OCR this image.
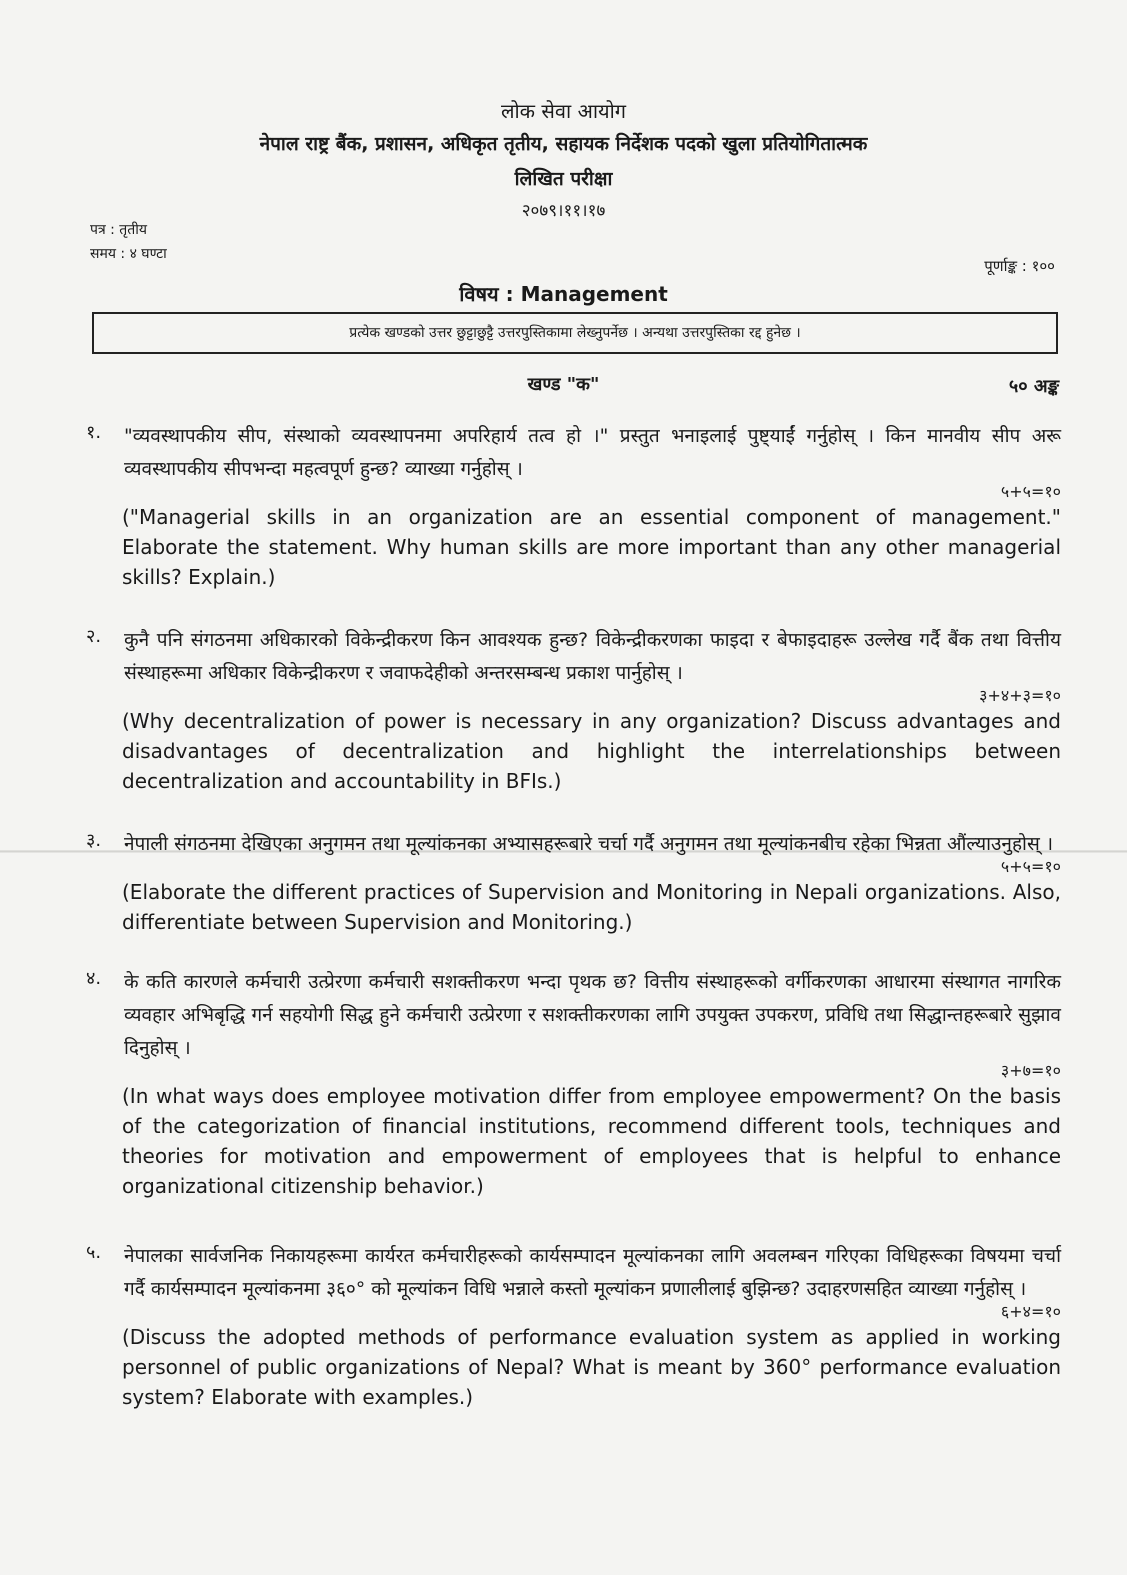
लोक सेवा आयोग
नेपाल राष्ट्र बैंक, प्रशासन, अधिकृत तृतीय, सहायक निर्देशक पदको खुला प्रतियोगितात्मक
लिखित परीक्षा
२०७९।११।१७
पत्र : तृतीय
समय : ४ घण्टा
पूर्णाङ्क : १००
विषय : Management
प्रत्येक खण्डको उत्तर छुट्टाछुट्टै उत्तरपुस्तिकामा लेख्नुपर्नेछ । अन्यथा उत्तरपुस्तिका रद्द हुनेछ ।
खण्ड "क"	५० अङ्क
१. "व्यवस्थापकीय सीप, संस्थाको व्यवस्थापनमा अपरिहार्य तत्व हो ।" प्रस्तुत भनाइलाई पुष्ट्याईं गर्नुहोस् । किन मानवीय सीप अरू व्यवस्थापकीय सीपभन्दा महत्वपूर्ण हुन्छ? व्याख्या गर्नुहोस् ।
५+५=१०
("Managerial skills in an organization are an essential component of management." Elaborate the statement. Why human skills are more important than any other managerial skills? Explain.)
२. कुनै पनि संगठनमा अधिकारको विकेन्द्रीकरण किन आवश्यक हुन्छ? विकेन्द्रीकरणका फाइदा र बेफाइदाहरू उल्लेख गर्दै बैंक तथा वित्तीय संस्थाहरूमा अधिकार विकेन्द्रीकरण र जवाफदेहीको अन्तरसम्बन्ध प्रकाश पार्नुहोस् ।
३+४+३=१०
(Why decentralization of power is necessary in any organization? Discuss advantages and disadvantages of decentralization and highlight the interrelationships between decentralization and accountability in BFIs.)
३. नेपाली संगठनमा देखिएका अनुगमन तथा मूल्यांकनका अभ्यासहरूबारे चर्चा गर्दै अनुगमन तथा मूल्यांकनबीच रहेका भिन्नता औंल्याउनुहोस् ।
५+५=१०
(Elaborate the different practices of Supervision and Monitoring in Nepali organizations. Also, differentiate between Supervision and Monitoring.)
४. के कति कारणले कर्मचारी उत्प्रेरणा कर्मचारी सशक्तीकरण भन्दा पृथक छ? वित्तीय संस्थाहरूको वर्गीकरणका आधारमा संस्थागत नागरिक व्यवहार अभिबृद्धि गर्न सहयोगी सिद्ध हुने कर्मचारी उत्प्रेरणा र सशक्तीकरणका लागि उपयुक्त उपकरण, प्रविधि तथा सिद्धान्तहरूबारे सुझाव दिनुहोस् ।
३+७=१०
(In what ways does employee motivation differ from employee empowerment? On the basis of the categorization of financial institutions, recommend different tools, techniques and theories for motivation and empowerment of employees that is helpful to enhance organizational citizenship behavior.)
५. नेपालका सार्वजनिक निकायहरूमा कार्यरत कर्मचारीहरूको कार्यसम्पादन मूल्यांकनका लागि अवलम्बन गरिएका विधिहरूका विषयमा चर्चा गर्दै कार्यसम्पादन मूल्यांकनमा ३६०° को मूल्यांकन विधि भन्नाले कस्तो मूल्यांकन प्रणालीलाई बुझिन्छ? उदाहरणसहित व्याख्या गर्नुहोस् ।
६+४=१०
(Discuss the adopted methods of performance evaluation system as applied in working personnel of public organizations of Nepal? What is meant by 360° performance evaluation system? Elaborate with examples.)
